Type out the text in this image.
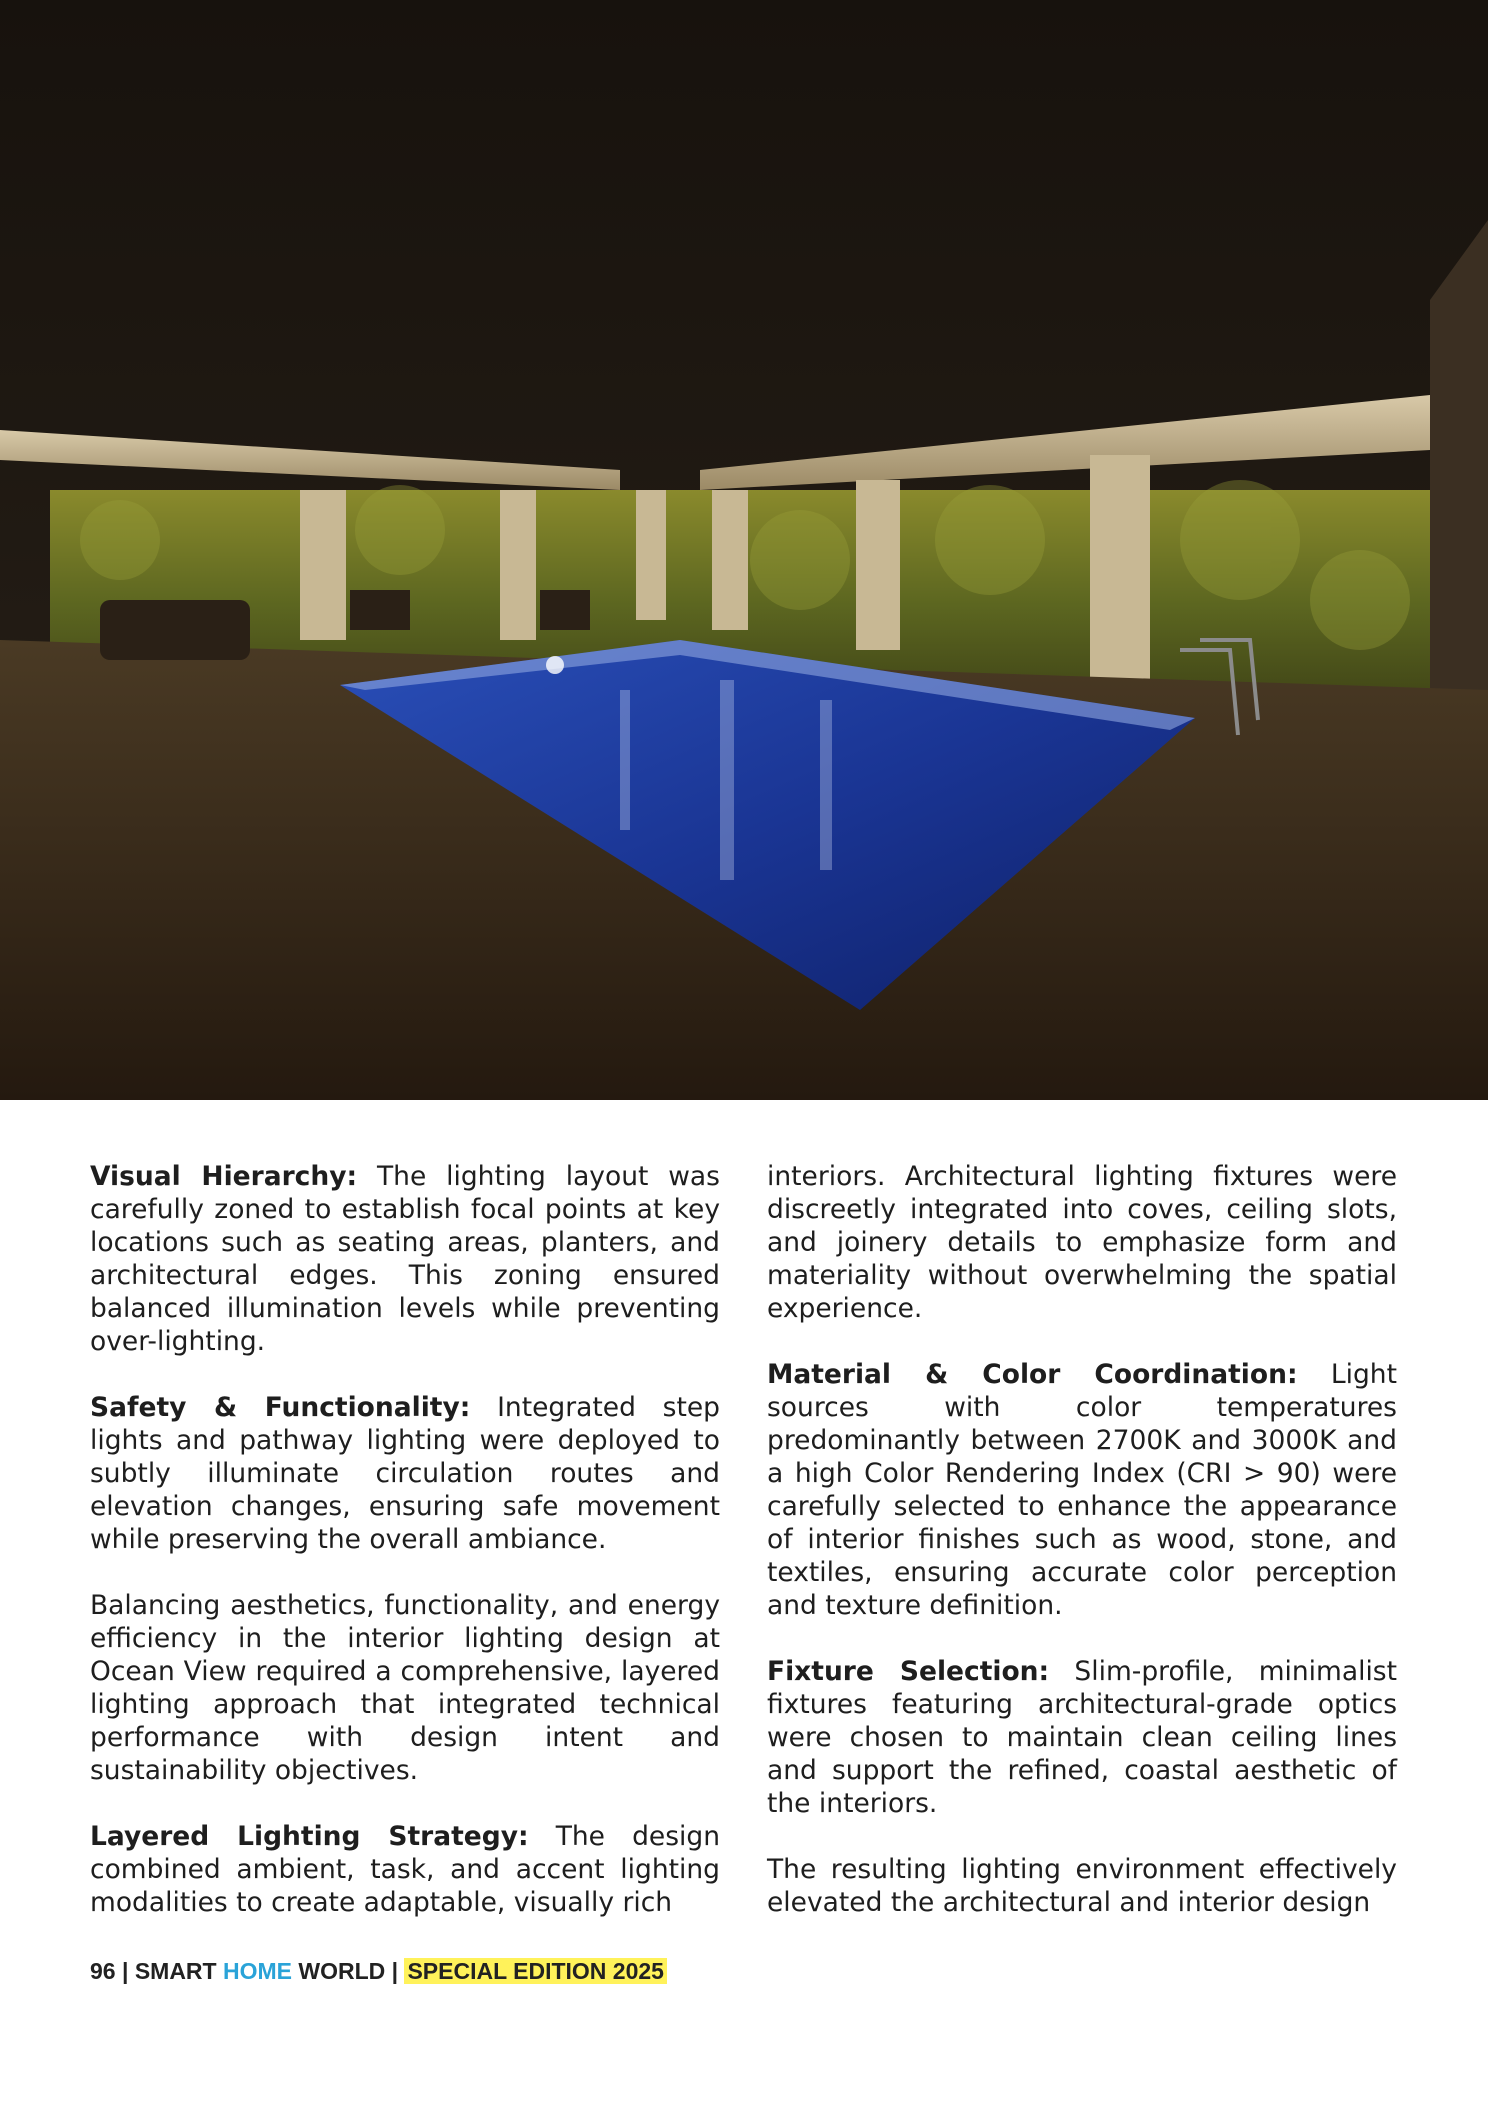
Visual Hierarchy: The lighting layout was carefully zoned to establish focal points at key locations such as seating areas, planters, and architectural edges. This zoning ensured balanced illumination levels while preventing over-lighting.

Safety & Functionality: Integrated step lights and pathway lighting were deployed to subtly illuminate circulation routes and elevation changes, ensuring safe movement while preserving the overall ambiance.

Balancing aesthetics, functionality, and energy efficiency in the interior lighting design at Ocean View required a comprehensive, layered lighting approach that integrated technical performance with design intent and sustainability objectives.

Layered Lighting Strategy: The design combined ambient, task, and accent lighting modalities to create adaptable, visually rich

interiors. Architectural lighting fixtures were discreetly integrated into coves, ceiling slots, and joinery details to emphasize form and materiality without overwhelming the spatial experience.

Material & Color Coordination: Light sources with color temperatures predominantly between 2700K and 3000K and a high Color Rendering Index (CRI > 90) were carefully selected to enhance the appearance of interior finishes such as wood, stone, and textiles, ensuring accurate color perception and texture definition.

Fixture Selection: Slim-profile, minimalist fixtures featuring architectural-grade optics were chosen to maintain clean ceiling lines and support the refined, coastal aesthetic of the interiors.

The resulting lighting environment effectively elevated the architectural and interior design

96 | SMART HOME WORLD | SPECIAL EDITION 2025
